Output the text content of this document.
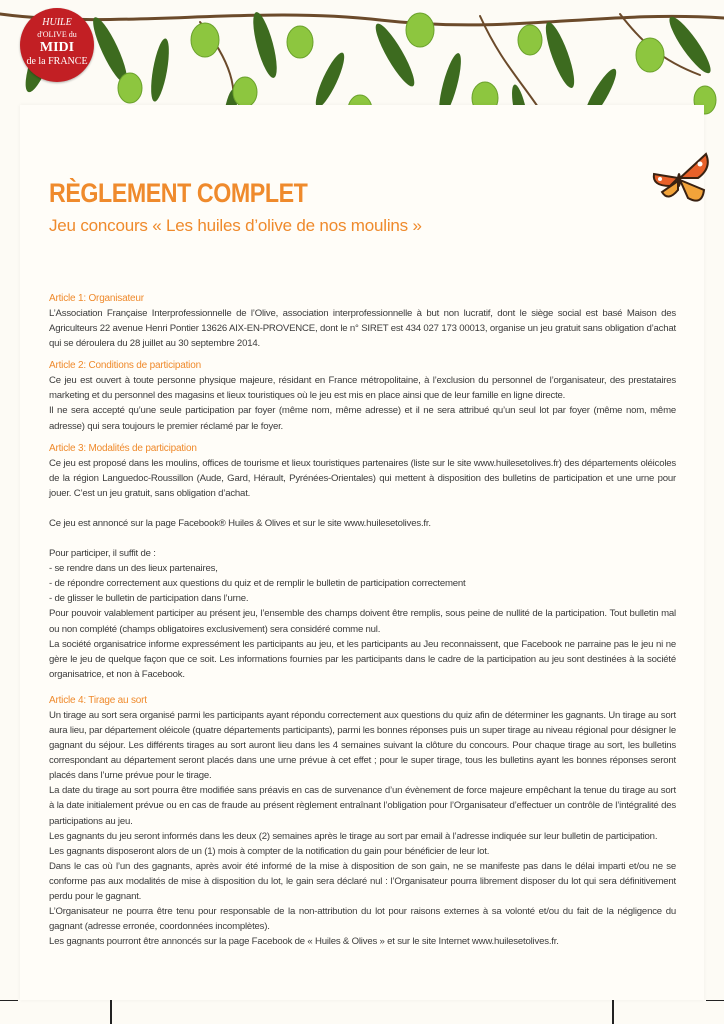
HUILE
d'OLIVE du
MIDI
de la FRANCE
RÈGLEMENT COMPLET
Jeu concours « Les huiles d’olive de nos moulins »
Article 1: Organisateur

L’Association Française Interprofessionnelle de l’Olive, association interprofessionnelle à but non lucratif, dont le siège social est basé Maison des Agriculteurs 22 avenue Henri Pontier 13626 AIX-EN-PROVENCE, dont le n° SIRET est 434 027 173 00013, organise un jeu gratuit sans obligation d’achat qui se déroulera du 28 juillet au 30 septembre 2014.

Article 2: Conditions de participation

Ce jeu est ouvert à toute personne physique majeure, résidant en France métropolitaine, à l’exclusion du personnel de l’organisateur, des prestataires marketing et du personnel des magasins et lieux touristiques où le jeu est mis en place ainsi que de leur famille en ligne directe.

Il ne sera accepté qu’une seule participation par foyer (même nom, même adresse) et il ne sera attribué qu’un seul lot par foyer (même nom, même adresse) qui sera toujours le premier réclamé par le foyer.

Article 3: Modalités de participation

Ce jeu est proposé dans les moulins, offices de tourisme et lieux touristiques partenaires (liste sur le site www.huilesetolives.fr) des départements oléicoles de la région Languedoc-Roussillon (Aude, Gard, Hérault, Pyrénées-Orientales) qui mettent à disposition des bulletins de participation et une urne pour jouer. C’est un jeu gratuit, sans obligation d’achat.

Ce jeu est annoncé sur la page Facebook® Huiles & Olives et sur le site www.huilesetolives.fr.

Pour participer, il suffit de :

- se rendre dans un des lieux partenaires,

- de répondre correctement aux questions du quiz et de remplir le bulletin de participation correctement

- de glisser le bulletin de participation dans l’urne.

Pour pouvoir valablement participer au présent jeu, l’ensemble des champs doivent être remplis, sous peine de nullité de la participation. Tout bulletin mal ou non complété (champs obligatoires exclusivement) sera considéré comme nul.

La société organisatrice informe expressément les participants au jeu, et les participants au Jeu reconnaissent, que Facebook ne parraine pas le jeu ni ne gère le jeu de quelque façon que ce soit. Les informations fournies par les participants dans le cadre de la participation au jeu sont destinées à la société organisatrice, et non à Facebook.

Article 4: Tirage au sort

Un tirage au sort sera organisé parmi les participants ayant répondu correctement aux questions du quiz afin de déterminer les gagnants. Un tirage au sort aura lieu, par département oléicole (quatre départements participants), parmi les bonnes réponses puis un super tirage au niveau régional pour désigner le gagnant du séjour. Les différents tirages au sort auront lieu dans les 4 semaines suivant la clôture du concours. Pour chaque tirage au sort, les bulletins correspondant au département seront placés dans une urne prévue à cet effet ; pour le super tirage, tous les bulletins ayant les bonnes réponses seront placés dans l’urne prévue pour le tirage.

La date du tirage au sort pourra être modifiée sans préavis en cas de survenance d’un évènement de force majeure empêchant la tenue du tirage au sort à la date initialement prévue ou en cas de fraude au présent règlement entraînant l’obligation pour l’Organisateur d’effectuer un contrôle de l’intégralité des participations au jeu.

Les gagnants du jeu seront informés dans les deux (2) semaines après le tirage au sort par email à l’adresse indiquée sur leur bulletin de participation.

Les gagnants disposeront alors de un (1) mois à compter de la notification du gain pour bénéficier de leur lot.

Dans le cas où l’un des gagnants, après avoir été informé de la mise à disposition de son gain, ne se manifeste pas dans le délai imparti et/ou ne se conforme pas aux modalités de mise à disposition du lot, le gain sera déclaré nul : l’Organisateur pourra librement disposer du lot qui sera définitivement perdu pour le gagnant.

L’Organisateur ne pourra être tenu pour responsable de la non-attribution du lot pour raisons externes à sa volonté et/ou du fait de la négligence du gagnant (adresse erronée, coordonnées incomplètes).

Les gagnants pourront être annoncés sur la page Facebook de « Huiles & Olives » et sur le site Internet www.huilesetolives.fr.
